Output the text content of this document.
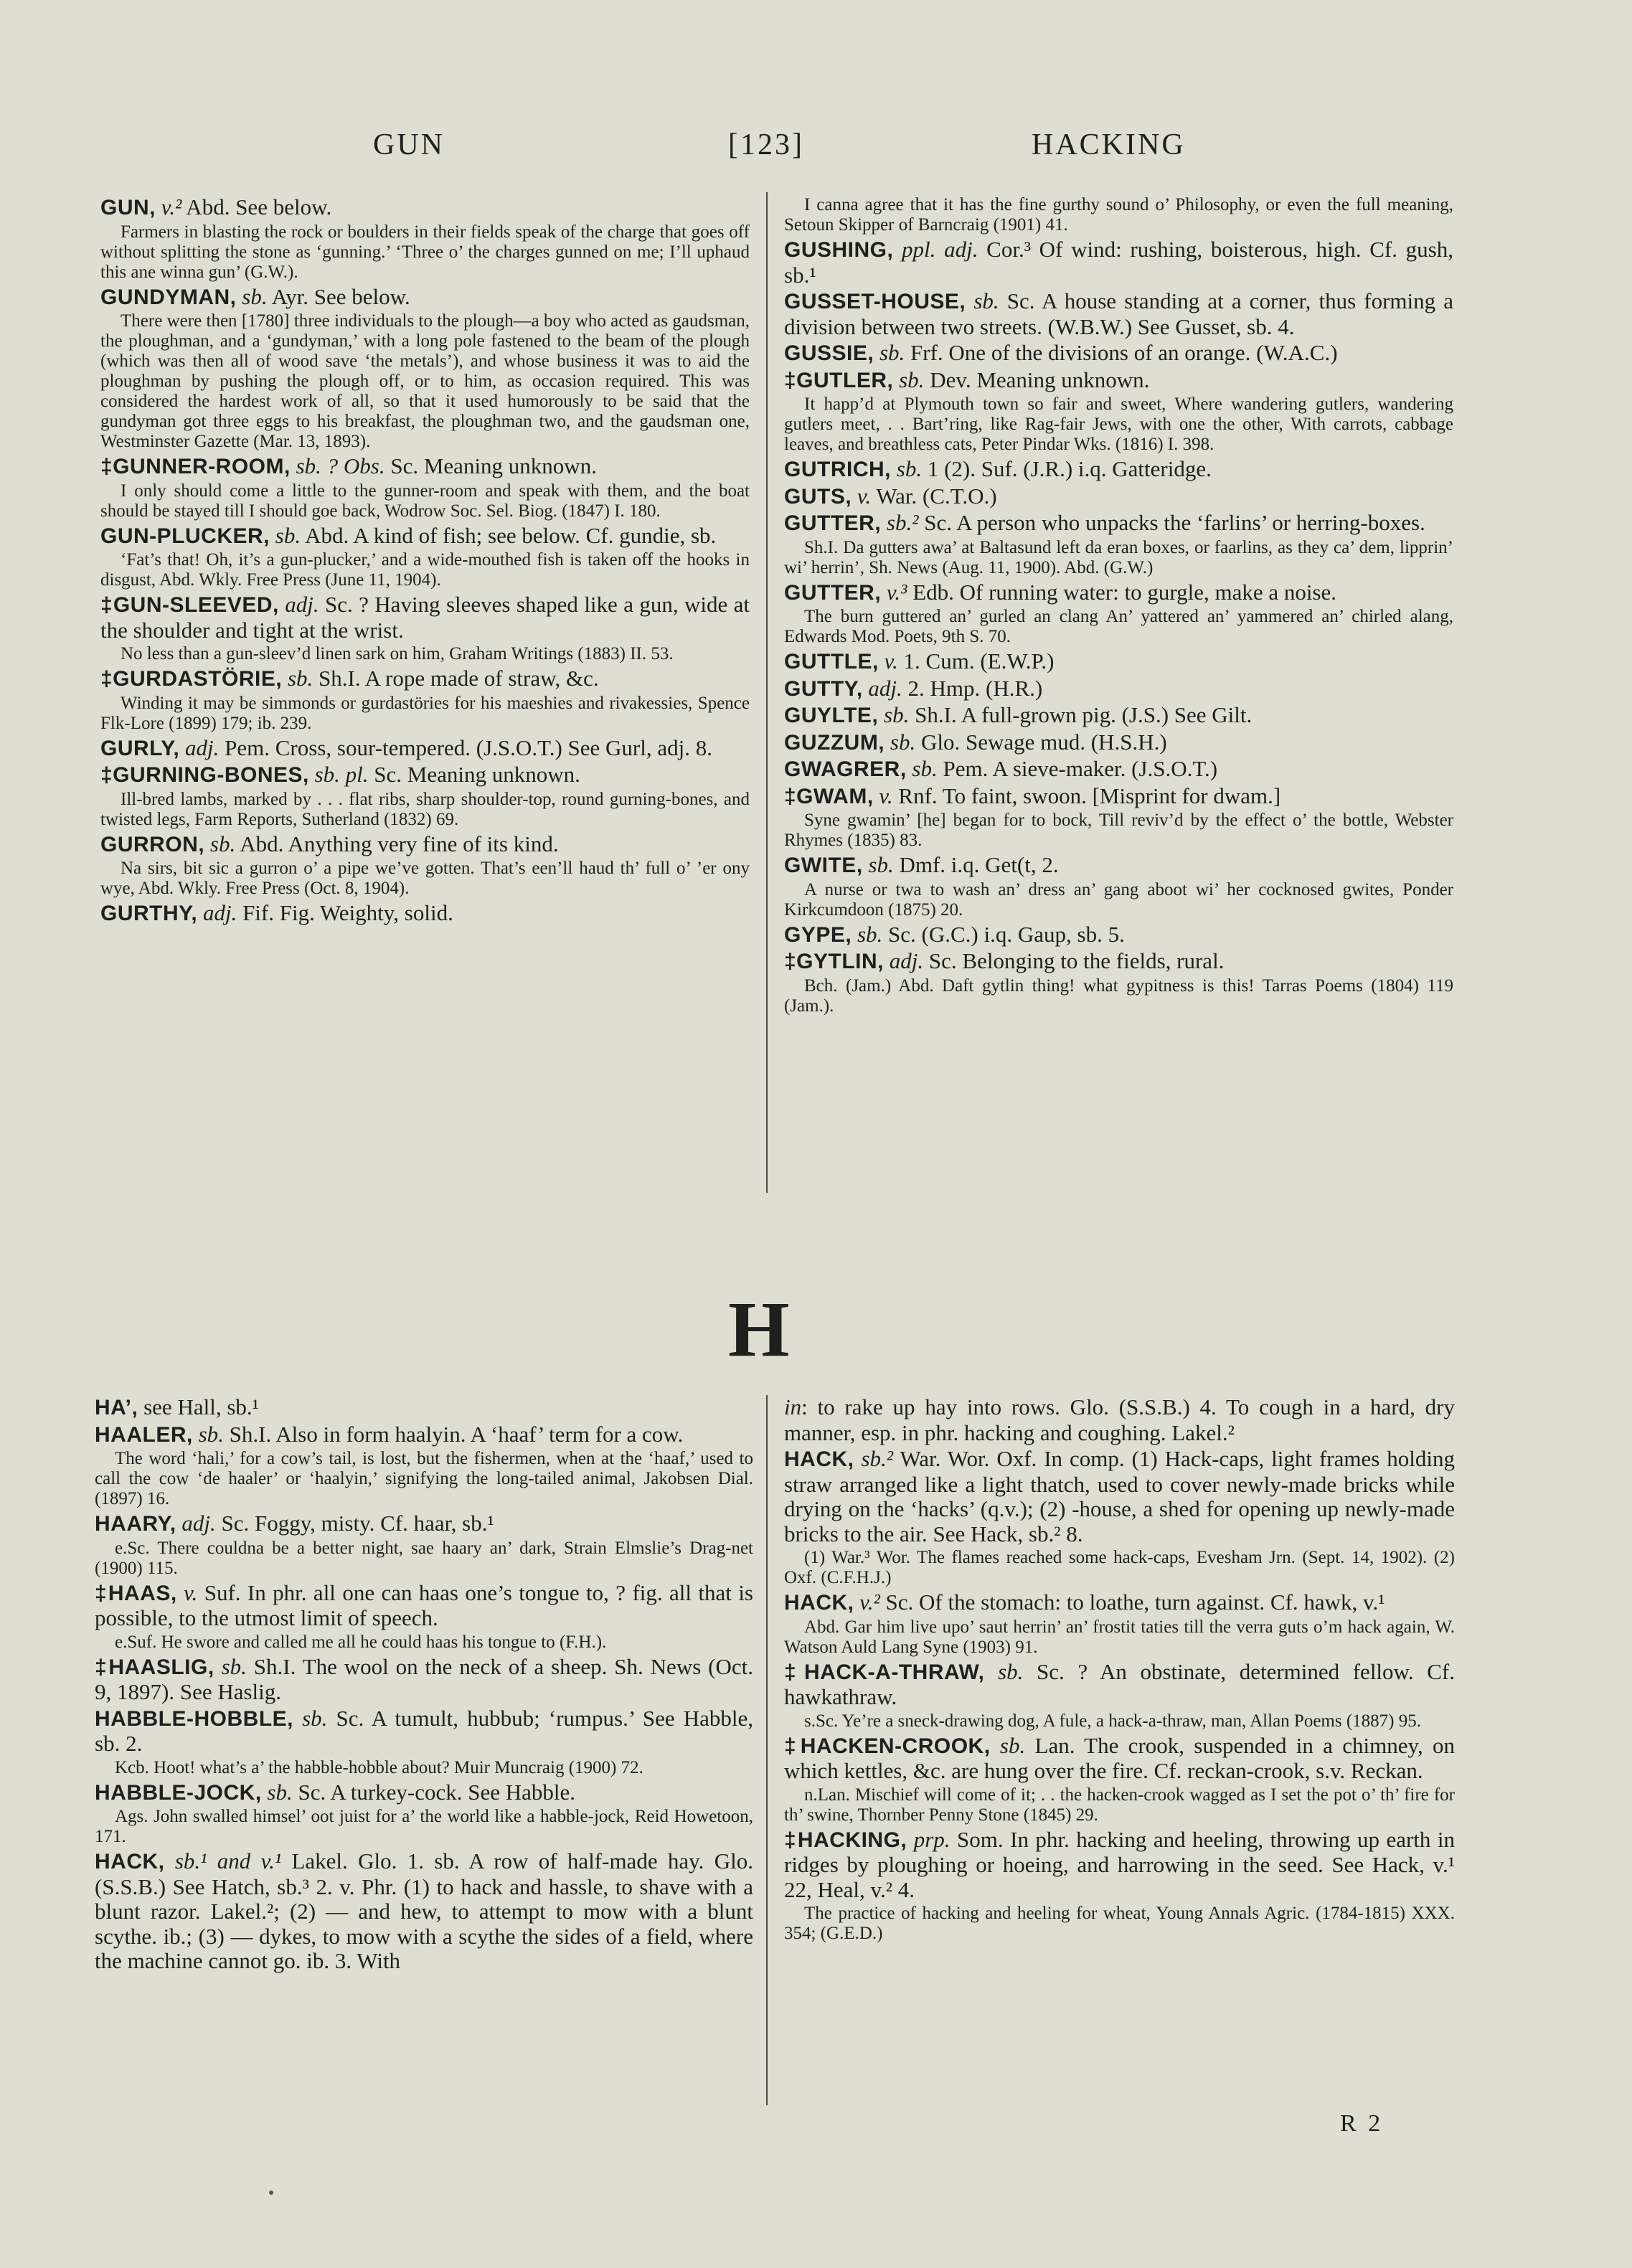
GUN	[123]	HACKING

GUN, v.² Abd. See below.

Farmers in blasting the rock or boulders in their fields speak of the charge that goes off without splitting the stone as ‘gunning.’ ‘Three o’ the charges gunned on me; I’ll uphaud this ane winna gun’ (G.W.).

GUNDYMAN, sb. Ayr. See below.

There were then [1780] three individuals to the plough—a boy who acted as gaudsman, the ploughman, and a ‘gundyman,’ with a long pole fastened to the beam of the plough (which was then all of wood save ‘the metals’), and whose business it was to aid the ploughman by pushing the plough off, or to him, as occasion required. This was considered the hardest work of all, so that it used humorously to be said that the gundyman got three eggs to his breakfast, the ploughman two, and the gaudsman one, Westminster Gazette (Mar. 13, 1893).

‡GUNNER-ROOM, sb. ? Obs. Sc. Meaning unknown.

I only should come a little to the gunner-room and speak with them, and the boat should be stayed till I should goe back, Wodrow Soc. Sel. Biog. (1847) I. 180.

GUN-PLUCKER, sb. Abd. A kind of fish; see below. Cf. gundie, sb.

‘Fat’s that! Oh, it’s a gun-plucker,’ and a wide-mouthed fish is taken off the hooks in disgust, Abd. Wkly. Free Press (June 11, 1904).

‡GUN-SLEEVED, adj. Sc. ? Having sleeves shaped like a gun, wide at the shoulder and tight at the wrist.

No less than a gun-sleev’d linen sark on him, Graham Writings (1883) II. 53.

‡GURDASTÖRIE, sb. Sh.I. A rope made of straw, &c.

Winding it may be simmonds or gurdastöries for his maeshies and rivakessies, Spence Flk-Lore (1899) 179; ib. 239.

GURLY, adj. Pem. Cross, sour-tempered. (J.S.O.T.) See Gurl, adj. 8.

‡GURNING-BONES, sb. pl. Sc. Meaning unknown.

Ill-bred lambs, marked by . . . flat ribs, sharp shoulder-top, round gurning-bones, and twisted legs, Farm Reports, Sutherland (1832) 69.

GURRON, sb. Abd. Anything very fine of its kind.

Na sirs, bit sic a gurron o’ a pipe we’ve gotten. That’s een’ll haud th’ full o’ ’er ony wye, Abd. Wkly. Free Press (Oct. 8, 1904).

GURTHY, adj. Fif. Fig. Weighty, solid.

I canna agree that it has the fine gurthy sound o’ Philosophy, or even the full meaning, Setoun Skipper of Barncraig (1901) 41.

GUSHING, ppl. adj. Cor.³ Of wind: rushing, boisterous, high. Cf. gush, sb.¹

GUSSET-HOUSE, sb. Sc. A house standing at a corner, thus forming a division between two streets. (W.B.W.) See Gusset, sb. 4.

GUSSIE, sb. Frf. One of the divisions of an orange. (W.A.C.)

‡GUTLER, sb. Dev. Meaning unknown.

It happ’d at Plymouth town so fair and sweet, Where wandering gutlers, wandering gutlers meet, . . Bart’ring, like Rag-fair Jews, with one the other, With carrots, cabbage leaves, and breathless cats, Peter Pindar Wks. (1816) I. 398.

GUTRICH, sb. 1 (2). Suf. (J.R.) i.q. Gatteridge.

GUTS, v. War. (C.T.O.)

GUTTER, sb.² Sc. A person who unpacks the ‘farlins’ or herring-boxes.

Sh.I. Da gutters awa’ at Baltasund left da eran boxes, or faarlins, as they ca’ dem, lipprin’ wi’ herrin’, Sh. News (Aug. 11, 1900). Abd. (G.W.)

GUTTER, v.³ Edb. Of running water: to gurgle, make a noise.

The burn guttered an’ gurled an clang An’ yattered an’ yammered an’ chirled alang, Edwards Mod. Poets, 9th S. 70.

GUTTLE, v. 1. Cum. (E.W.P.)

GUTTY, adj. 2. Hmp. (H.R.)

GUYLTE, sb. Sh.I. A full-grown pig. (J.S.) See Gilt.

GUZZUM, sb. Glo. Sewage mud. (H.S.H.)

GWAGRER, sb. Pem. A sieve-maker. (J.S.O.T.)

‡GWAM, v. Rnf. To faint, swoon. [Misprint for dwam.]

Syne gwamin’ [he] began for to bock, Till reviv’d by the effect o’ the bottle, Webster Rhymes (1835) 83.

GWITE, sb. Dmf. i.q. Get(t, 2.

A nurse or twa to wash an’ dress an’ gang aboot wi’ her cocknosed gwites, Ponder Kirkcumdoon (1875) 20.

GYPE, sb. Sc. (G.C.) i.q. Gaup, sb. 5.

‡GYTLIN, adj. Sc. Belonging to the fields, rural.

Bch. (Jam.) Abd. Daft gytlin thing! what gypitness is this! Tarras Poems (1804) 119 (Jam.).

H

HA’, see Hall, sb.¹

HAALER, sb. Sh.I. Also in form haalyin. A ‘haaf’ term for a cow.

The word ‘hali,’ for a cow’s tail, is lost, but the fishermen, when at the ‘haaf,’ used to call the cow ‘de haaler’ or ‘haalyin,’ signifying the long-tailed animal, Jakobsen Dial. (1897) 16.

HAARY, adj. Sc. Foggy, misty. Cf. haar, sb.¹

e.Sc. There couldna be a better night, sae haary an’ dark, Strain Elmslie’s Drag-net (1900) 115.

‡HAAS, v. Suf. In phr. all one can haas one’s tongue to, ? fig. all that is possible, to the utmost limit of speech.

e.Suf. He swore and called me all he could haas his tongue to (F.H.).

‡HAASLIG, sb. Sh.I. The wool on the neck of a sheep. Sh. News (Oct. 9, 1897). See Haslig.

HABBLE-HOBBLE, sb. Sc. A tumult, hubbub; ‘rumpus.’ See Habble, sb. 2.

Kcb. Hoot! what’s a’ the habble-hobble about? Muir Muncraig (1900) 72.

HABBLE-JOCK, sb. Sc. A turkey-cock. See Habble.

Ags. John swalled himsel’ oot juist for a’ the world like a habble-jock, Reid Howetoon, 171.

HACK, sb.¹ and v.¹ Lakel. Glo. 1. sb. A row of half-made hay. Glo. (S.S.B.) See Hatch, sb.³ 2. v. Phr. (1) to hack and hassle, to shave with a blunt razor. Lakel.²; (2) — and hew, to attempt to mow with a blunt scythe. ib.; (3) — dykes, to mow with a scythe the sides of a field, where the machine cannot go. ib. 3. With

in: to rake up hay into rows. Glo. (S.S.B.) 4. To cough in a hard, dry manner, esp. in phr. hacking and coughing. Lakel.²

HACK, sb.² War. Wor. Oxf. In comp. (1) Hack-caps, light frames holding straw arranged like a light thatch, used to cover newly-made bricks while drying on the ‘hacks’ (q.v.); (2) -house, a shed for opening up newly-made bricks to the air. See Hack, sb.² 8.

(1) War.³ Wor. The flames reached some hack-caps, Evesham Jrn. (Sept. 14, 1902). (2) Oxf. (C.F.H.J.)

HACK, v.² Sc. Of the stomach: to loathe, turn against. Cf. hawk, v.¹

Abd. Gar him live upo’ saut herrin’ an’ frostit taties till the verra guts o’m hack again, W. Watson Auld Lang Syne (1903) 91.

‡HACK-A-THRAW, sb. Sc. ? An obstinate, determined fellow. Cf. hawkathraw.

s.Sc. Ye’re a sneck-drawing dog, A fule, a hack-a-thraw, man, Allan Poems (1887) 95.

‡HACKEN-CROOK, sb. Lan. The crook, suspended in a chimney, on which kettles, &c. are hung over the fire. Cf. reckan-crook, s.v. Reckan.

n.Lan. Mischief will come of it; . . the hacken-crook wagged as I set the pot o’ th’ fire for th’ swine, Thornber Penny Stone (1845) 29.

‡HACKING, prp. Som. In phr. hacking and heeling, throwing up earth in ridges by ploughing or hoeing, and harrowing in the seed. See Hack, v.¹ 22, Heal, v.² 4.

The practice of hacking and heeling for wheat, Young Annals Agric. (1784-1815) XXX. 354; (G.E.D.)

R 2
